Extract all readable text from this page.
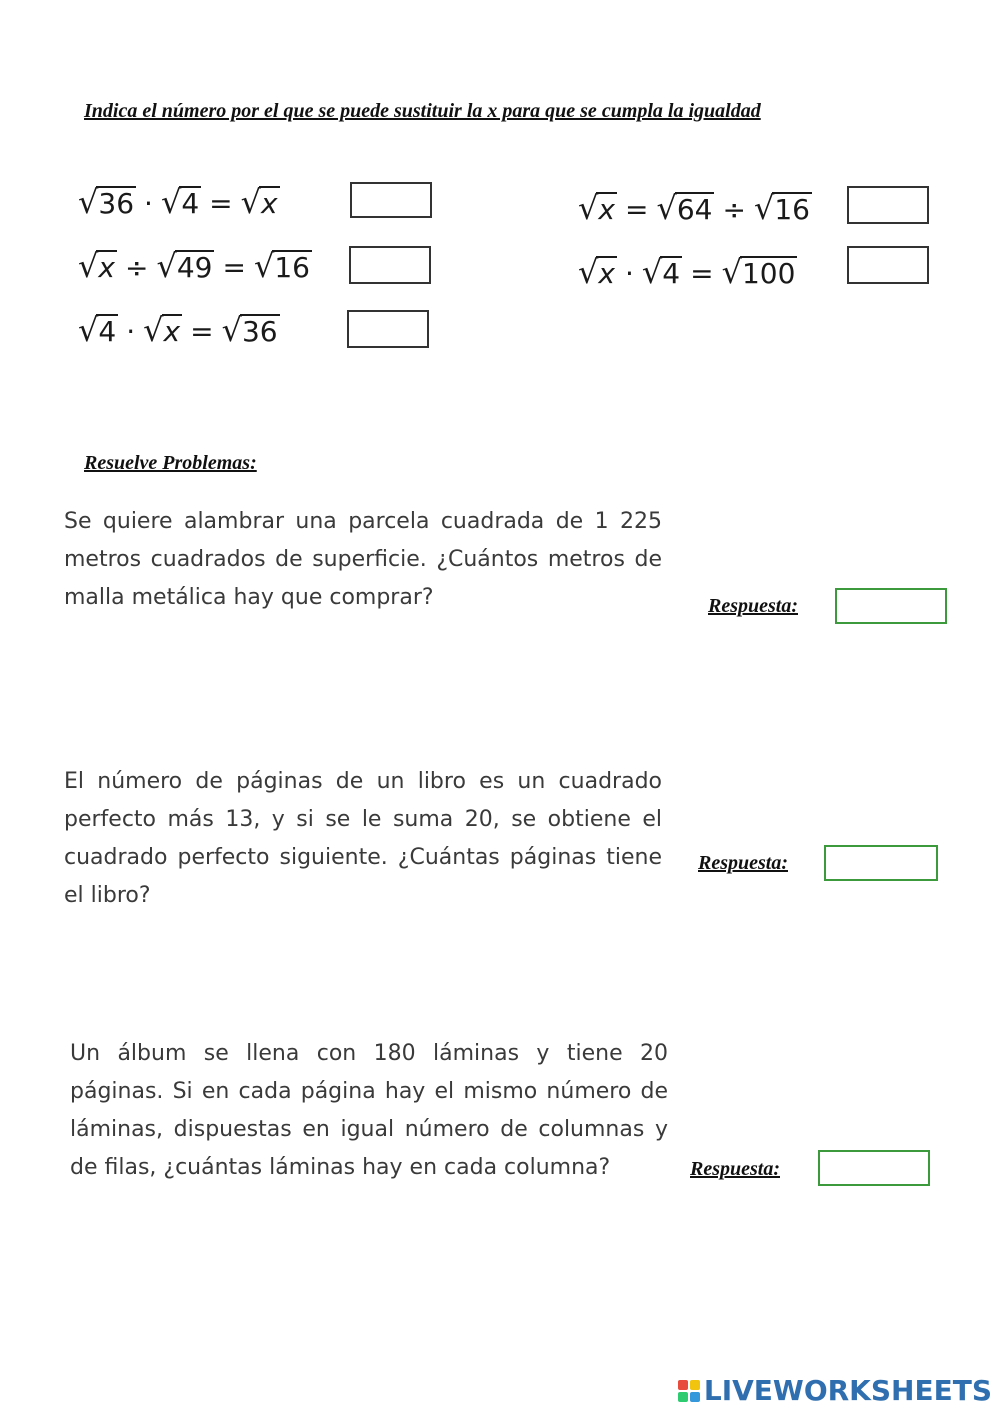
Indica el número por el que se puede sustituir la x para que se cumpla la igualdad
√ 36 · √ 4 = √ x
√ x ÷ √ 49 = √ 16
√ 4 · √ x = √ 36
√ x = √ 64 ÷ √ 16
√ x · √ 4 = √ 100
Resuelve Problemas:
Se quiere alambrar una parcela cuadrada de 1 225 metros cuadrados de superficie. ¿Cuántos metros de malla metálica hay que comprar?	Respuesta:
El número de páginas de un libro es un cuadrado perfecto más 13, y si se le suma 20, se obtiene el cuadrado perfecto siguiente. ¿Cuántas páginas tiene el libro?
Respuesta:
Un álbum se llena con 180 láminas y tiene 20 páginas. Si en cada página hay el mismo número de láminas, dispuestas en igual número de columnas y de filas, ¿cuántas láminas hay en cada columna?	Respuesta:
LIVEWORKSHEETS
